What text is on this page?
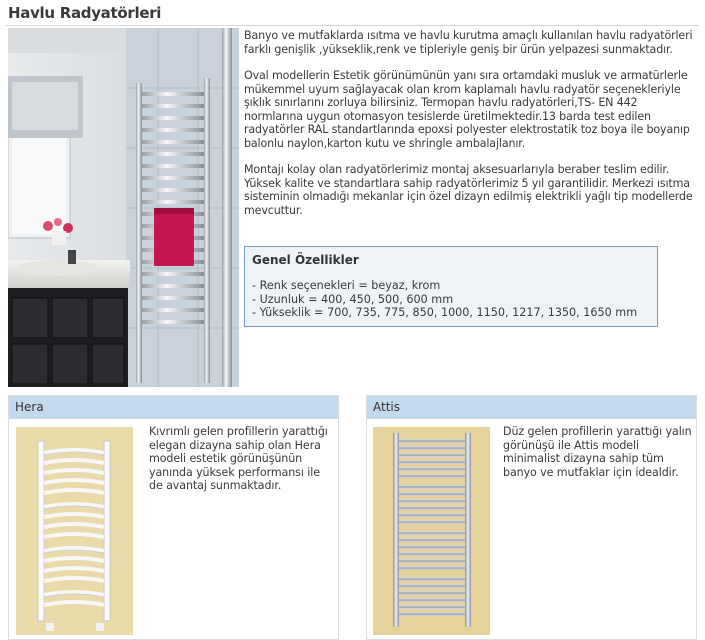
Havlu Radyatörleri

Banyo ve mutfaklarda ısıtma ve havlu kurutma amaçlı kullanılan havlu radyatörleri farklı genişlik ,yükseklik,renk ve tipleriyle geniş bir ürün yelpazesi sunmaktadır.

Oval modellerin Estetik görünümünün yanı sıra ortamdaki musluk ve armatürlerle mükemmel uyum sağlayacak olan krom kaplamalı havlu radyatör seçenekleriyle şıklık sınırlarını zorluya bilirsiniz. Termopan havlu radyatörleri,TS- EN 442 normlarına uygun otomasyon tesislerde üretilmektedir.13 barda test edilen radyatörler RAL standartlarında epoxsi polyester elektrostatik toz boya ile boyanıp balonlu naylon,karton kutu ve shringle ambalajlanır.

Montajı kolay olan radyatörlerimiz montaj aksesuarlarıyla beraber teslim edilir. Yüksek kalite ve standartlara sahip radyatörlerimiz 5 yıl garantilidir. Merkezi ısıtma sisteminin olmadığı mekanlar için özel dizayn edilmiş elektrikli yağlı tip modellerde mevcuttur.

Genel Özellikler
- Renk seçenekleri = beyaz, krom
- Uzunluk = 400, 450, 500, 600 mm
- Yükseklik = 700, 735, 775, 850, 1000, 1150, 1217, 1350, 1650 mm
Hera
Kıvrımlı gelen profillerin yarattığı elegan dizayna sahip olan Hera modeli estetik görünüşünün yanında yüksek performansı ile de avantaj sunmaktadır.
Attis
Düz gelen profillerin yarattığı yalın görünüşü ile Attis modeli minimalist dizayna sahip tüm banyo ve mutfaklar için idealdir.
